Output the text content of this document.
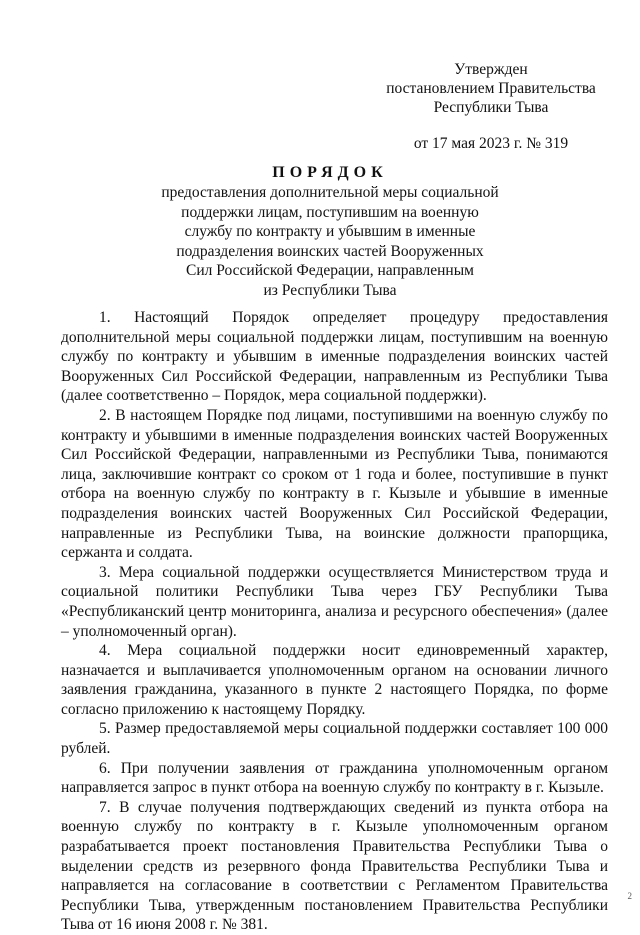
Утвержден
постановлением Правительства
Республики Тыва
от 17 мая 2023 г. № 319
ПОРЯДОК
предоставления дополнительной меры социальной
поддержки лицам, поступившим на военную
службу по контракту и убывшим в именные
подразделения воинских частей Вооруженных
Сил Российской Федерации, направленным
из Республики Тыва

1. Настоящий Порядок определяет процедуру предоставления дополнительной меры социальной поддержки лицам, поступившим на военную службу по контракту и убывшим в именные подразделения воинских частей Вооруженных Сил Российской Федерации, направленным из Республики Тыва (далее соответственно – Порядок, мера социальной поддержки).

2. В настоящем Порядке под лицами, поступившими на военную службу по контракту и убывшими в именные подразделения воинских частей Вооруженных Сил Российской Федерации, направленными из Республики Тыва, понимаются лица, заключившие контракт со сроком от 1 года и более, поступившие в пункт отбора на военную службу по контракту в г. Кызыле и убывшие в именные подразделения воинских частей Вооруженных Сил Российской Федерации, направленные из Республики Тыва, на воинские должности прапорщика, сержанта и солдата.

3. Мера социальной поддержки осуществляется Министерством труда и социальной политики Республики Тыва через ГБУ Республики Тыва «Республиканский центр мониторинга, анализа и ресурсного обеспечения» (далее – уполномоченный орган).

4. Мера социальной поддержки носит единовременный характер, назначается и выплачивается уполномоченным органом на основании личного заявления гражданина, указанного в пункте 2 настоящего Порядка, по форме согласно приложению к настоящему Порядку.

5. Размер предоставляемой меры социальной поддержки составляет 100 000 рублей.

6. При получении заявления от гражданина уполномоченным органом направляется запрос в пункт отбора на военную службу по контракту в г. Кызыле.

7. В случае получения подтверждающих сведений из пункта отбора на военную службу по контракту в г. Кызыле уполномоченным органом разрабатывается проект постановления Правительства Республики Тыва о выделении средств из резервного фонда Правительства Республики Тыва и направляется на согласование в соответствии с Регламентом Правительства Республики Тыва, утвержденным постановлением Правительства Республики Тыва от 16 июня 2008 г. № 381.

2
